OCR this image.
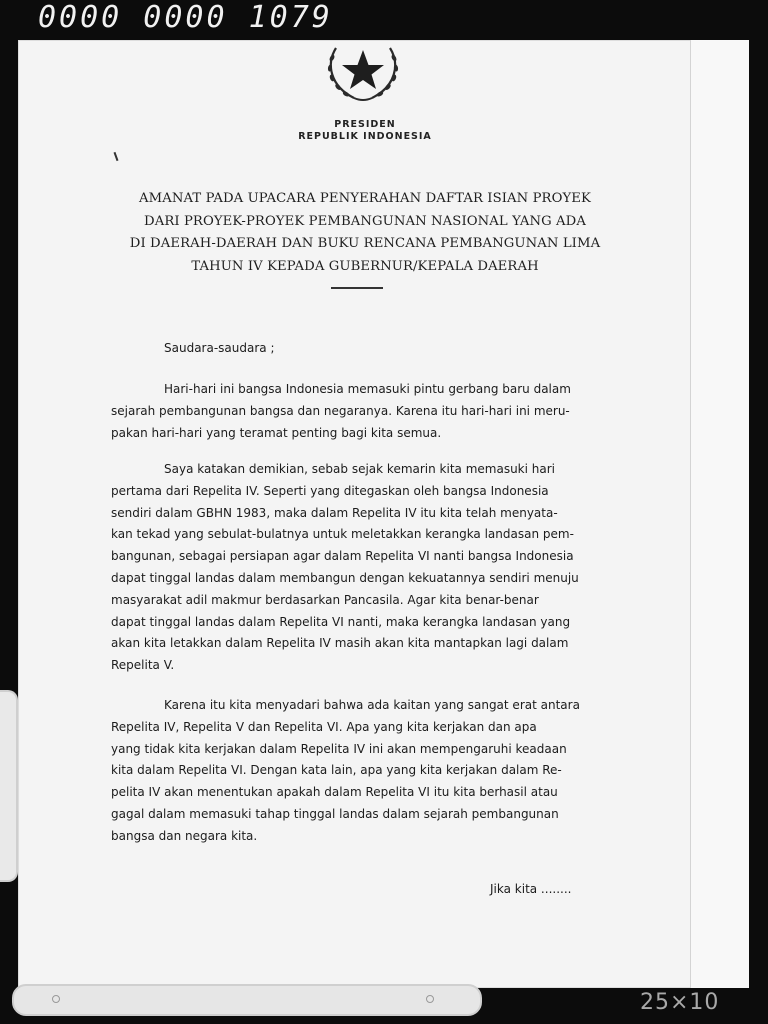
0000 0000 1079
25×10
PRESIDEN
REPUBLIK INDONESIA
AMANAT PADA UPACARA PENYERAHAN DAFTAR ISIAN PROYEK
DARI PROYEK-PROYEK PEMBANGUNAN NASIONAL YANG ADA
DI DAERAH-DAERAH DAN BUKU RENCANA PEMBANGUNAN LIMA
TAHUN IV KEPADA GUBERNUR/KEPALA DAERAH
Saudara-saudara ;
Hari-hari ini bangsa Indonesia memasuki pintu gerbang baru dalam
sejarah pembangunan bangsa dan negaranya. Karena itu hari-hari ini meru-
pakan hari-hari yang teramat penting bagi kita semua.
Saya katakan demikian, sebab sejak kemarin kita memasuki hari
pertama dari Repelita IV. Seperti yang ditegaskan oleh bangsa Indonesia
sendiri dalam GBHN 1983, maka dalam Repelita IV itu kita telah menyata-
kan tekad yang sebulat-bulatnya untuk meletakkan kerangka landasan pem-
bangunan, sebagai persiapan agar dalam Repelita VI nanti bangsa Indonesia
dapat tinggal landas dalam membangun dengan kekuatannya sendiri menuju
masyarakat adil makmur berdasarkan Pancasila. Agar kita benar-benar
dapat tinggal landas dalam Repelita VI nanti, maka kerangka landasan yang
akan kita letakkan dalam Repelita IV masih akan kita mantapkan lagi dalam
Repelita V.
Karena itu kita menyadari bahwa ada kaitan yang sangat erat antara
Repelita IV, Repelita V dan Repelita VI. Apa yang kita kerjakan dan apa
yang tidak kita kerjakan dalam Repelita IV ini akan mempengaruhi keadaan
kita dalam Repelita VI. Dengan kata lain, apa yang kita kerjakan dalam Re-
pelita IV akan menentukan apakah dalam Repelita VI itu kita berhasil atau
gagal dalam memasuki tahap tinggal landas dalam sejarah pembangunan
bangsa dan negara kita.
Jika kita ........
